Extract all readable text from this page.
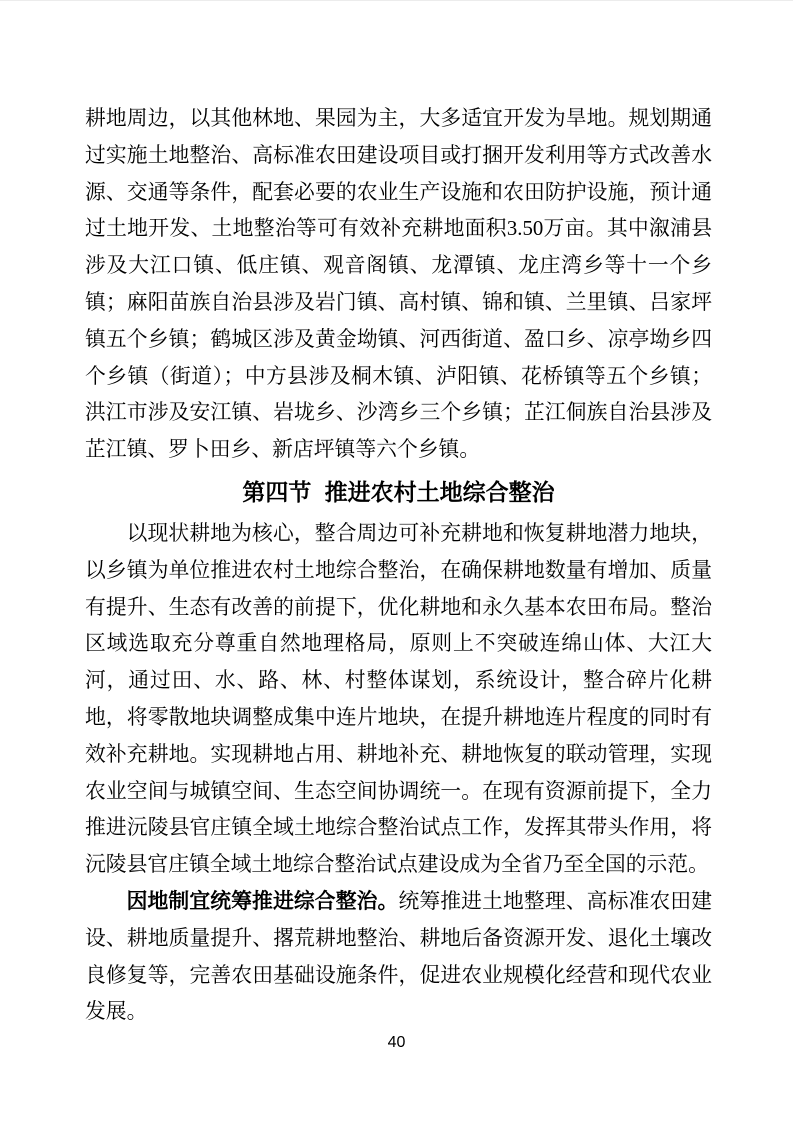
耕地周边，以其他林地、果园为主，大多适宜开发为旱地。规划期通过实施土地整治、高标准农田建设项目或打捆开发利用等方式改善水源、交通等条件，配套必要的农业生产设施和农田防护设施，预计通过土地开发、土地整治等可有效补充耕地面积3.50万亩。其中溆浦县涉及大江口镇、低庄镇、观音阁镇、龙潭镇、龙庄湾乡等十一个乡镇；麻阳苗族自治县涉及岩门镇、高村镇、锦和镇、兰里镇、吕家坪镇五个乡镇；鹤城区涉及黄金坳镇、河西街道、盈口乡、凉亭坳乡四个乡镇（街道）；中方县涉及桐木镇、泸阳镇、花桥镇等五个乡镇；洪江市涉及安江镇、岩垅乡、沙湾乡三个乡镇；芷江侗族自治县涉及芷江镇、罗卜田乡、新店坪镇等六个乡镇。

第四节 推进农村土地综合整治

以现状耕地为核心，整合周边可补充耕地和恢复耕地潜力地块，以乡镇为单位推进农村土地综合整治，在确保耕地数量有增加、质量有提升、生态有改善的前提下，优化耕地和永久基本农田布局。整治区域选取充分尊重自然地理格局，原则上不突破连绵山体、大江大河，通过田、水、路、林、村整体谋划，系统设计，整合碎片化耕地，将零散地块调整成集中连片地块，在提升耕地连片程度的同时有效补充耕地。实现耕地占用、耕地补充、耕地恢复的联动管理，实现农业空间与城镇空间、生态空间协调统一。在现有资源前提下，全力推进沅陵县官庄镇全域土地综合整治试点工作，发挥其带头作用，将沅陵县官庄镇全域土地综合整治试点建设成为全省乃至全国的示范。

因地制宜统筹推进综合整治。统筹推进土地整理、高标准农田建设、耕地质量提升、撂荒耕地整治、耕地后备资源开发、退化土壤改良修复等，完善农田基础设施条件，促进农业规模化经营和现代农业发展。

40
